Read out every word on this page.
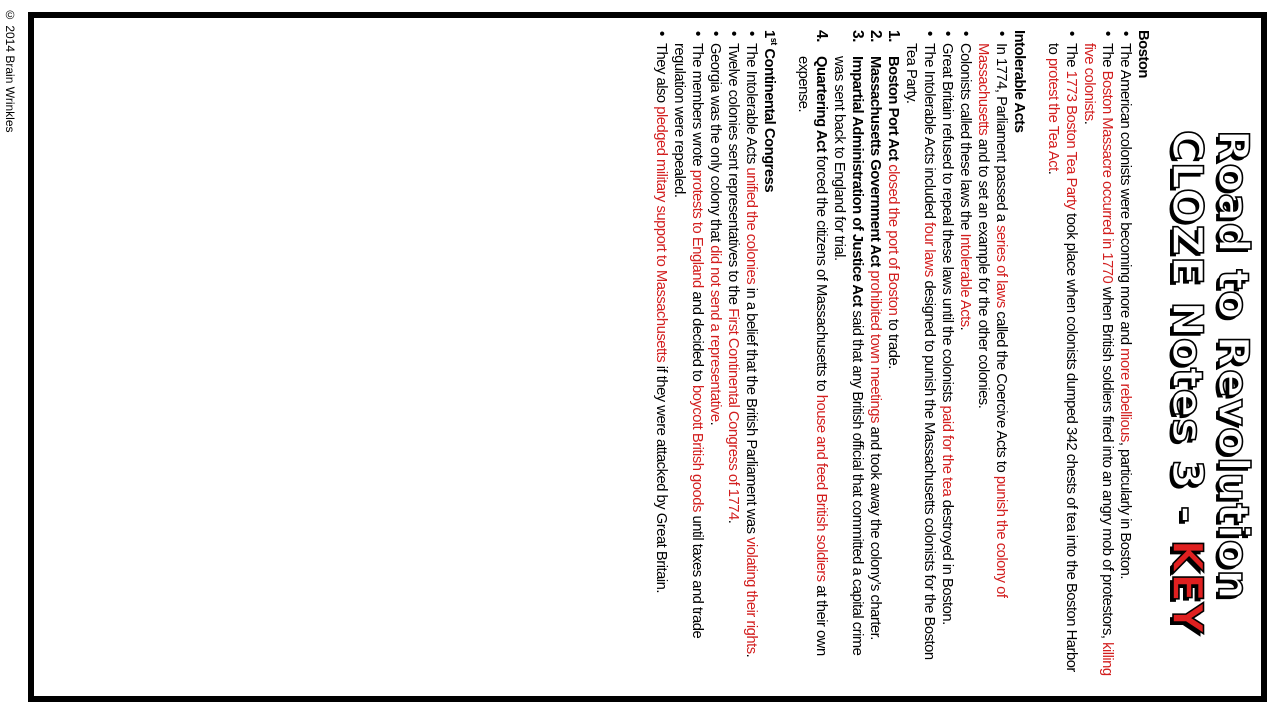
© 2014 Brain Wrinkles
Road to Revolution
CLOZE Notes 3 - KEY
Boston
• The American colonists were becoming more and more rebellious, particularly in Boston.
• The Boston Massacre occurred in 1770 when British soldiers fired into an angry mob of protestors, killing five colonists.
• The 1773 Boston Tea Party took place when colonists dumped 342 chests of tea into the Boston Harbor to protest the Tea Act.
Intolerable Acts
• In 1774, Parliament passed a series of laws called the Coercive Acts to punish the colony of Massachusetts and to set an example for the other colonies.
• Colonists called these laws the Intolerable Acts.
• Great Britain refused to repeal these laws until the colonists paid for the tea destroyed in Boston.
• The Intolerable Acts included four laws designed to punish the Massachusetts colonists for the Boston Tea Party.
1.
Boston Port Act closed the port of Boston to trade.
2.
Massachusetts Government Act prohibited town meetings and took away the colony’s charter.
3.
Impartial Administration of Justice Act said that any British official that committed a capital crime was sent back to England for trial.
4.
Quartering Act forced the citizens of Massachusetts to house and feed British soldiers at their own expense.
1st Continental Congress
• The Intolerable Acts unified the colonies in a belief that the British Parliament was violating their rights.
• Twelve colonies sent representatives to the First Continental Congress of 1774.
• Georgia was the only colony that did not send a representative.
• The members wrote protests to England and decided to boycott British goods until taxes and trade regulation were repealed.
• They also pledged military support to Massachusetts if they were attacked by Great Britain.
